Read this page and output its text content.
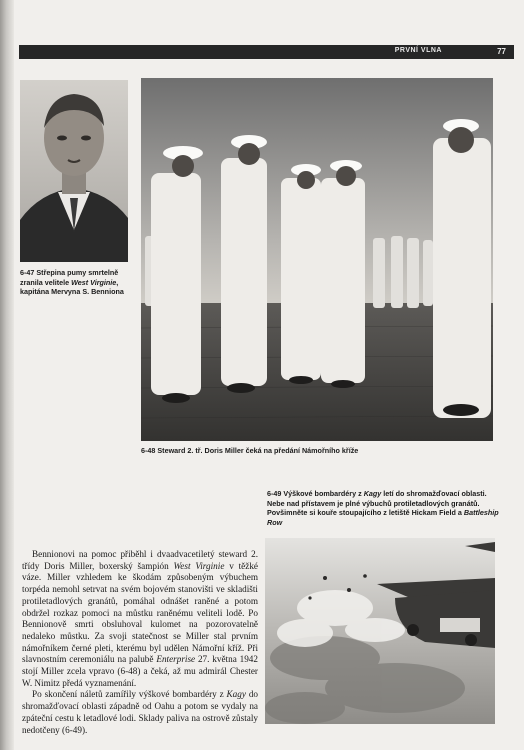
PRVNÍ VLNA	77
6-47 Střepina pumy smrtelně zranila velitele West Virginie, kapitána Mervyna S. Benniona
6-48 Steward 2. tř. Doris Miller čeká na předání Námořního kříže
6-49 Výškové bombardéry z Kagy letí do shromažďovací oblasti. Nebe nad přístavem je plné výbuchů protiletadlových granátů. Povšimněte si kouře stoupajícího z letiště Hickam Field a Battleship Row

Bennionovi na pomoc přiběhl i dvaadvacetiletý steward 2. třídy Doris Miller, boxerský šampión West Virginie v těžké váze. Miller vzhledem ke škodám způsobeným výbuchem torpéda nemohl setrvat na svém bojovém stanovišti ve skladišti protiletadlových granátů, pomáhal odnášet raněné a potom obdržel rozkaz pomoci na můstku raněnému veliteli lodě. Po Bennionově smrti obsluhoval kulomet na pozorovatelně nedaleko můstku. Za svoji statečnost se Miller stal prvním námořníkem černé pleti, kterému byl udělen Námořní kříž. Při slavnostním ceremoniálu na palubě Enterprise 27. května 1942 stojí Miller zcela vpravo (6-48) a čeká, až mu admirál Chester W. Nimitz předá vyznamenání.

Po skončení náletů zamířily výškové bombardéry z Kagy do shromažďovací oblasti západně od Oahu a potom se vydaly na zpáteční cestu k letadlové lodi. Sklady paliva na ostrově zůstaly nedotčeny (6-49).
